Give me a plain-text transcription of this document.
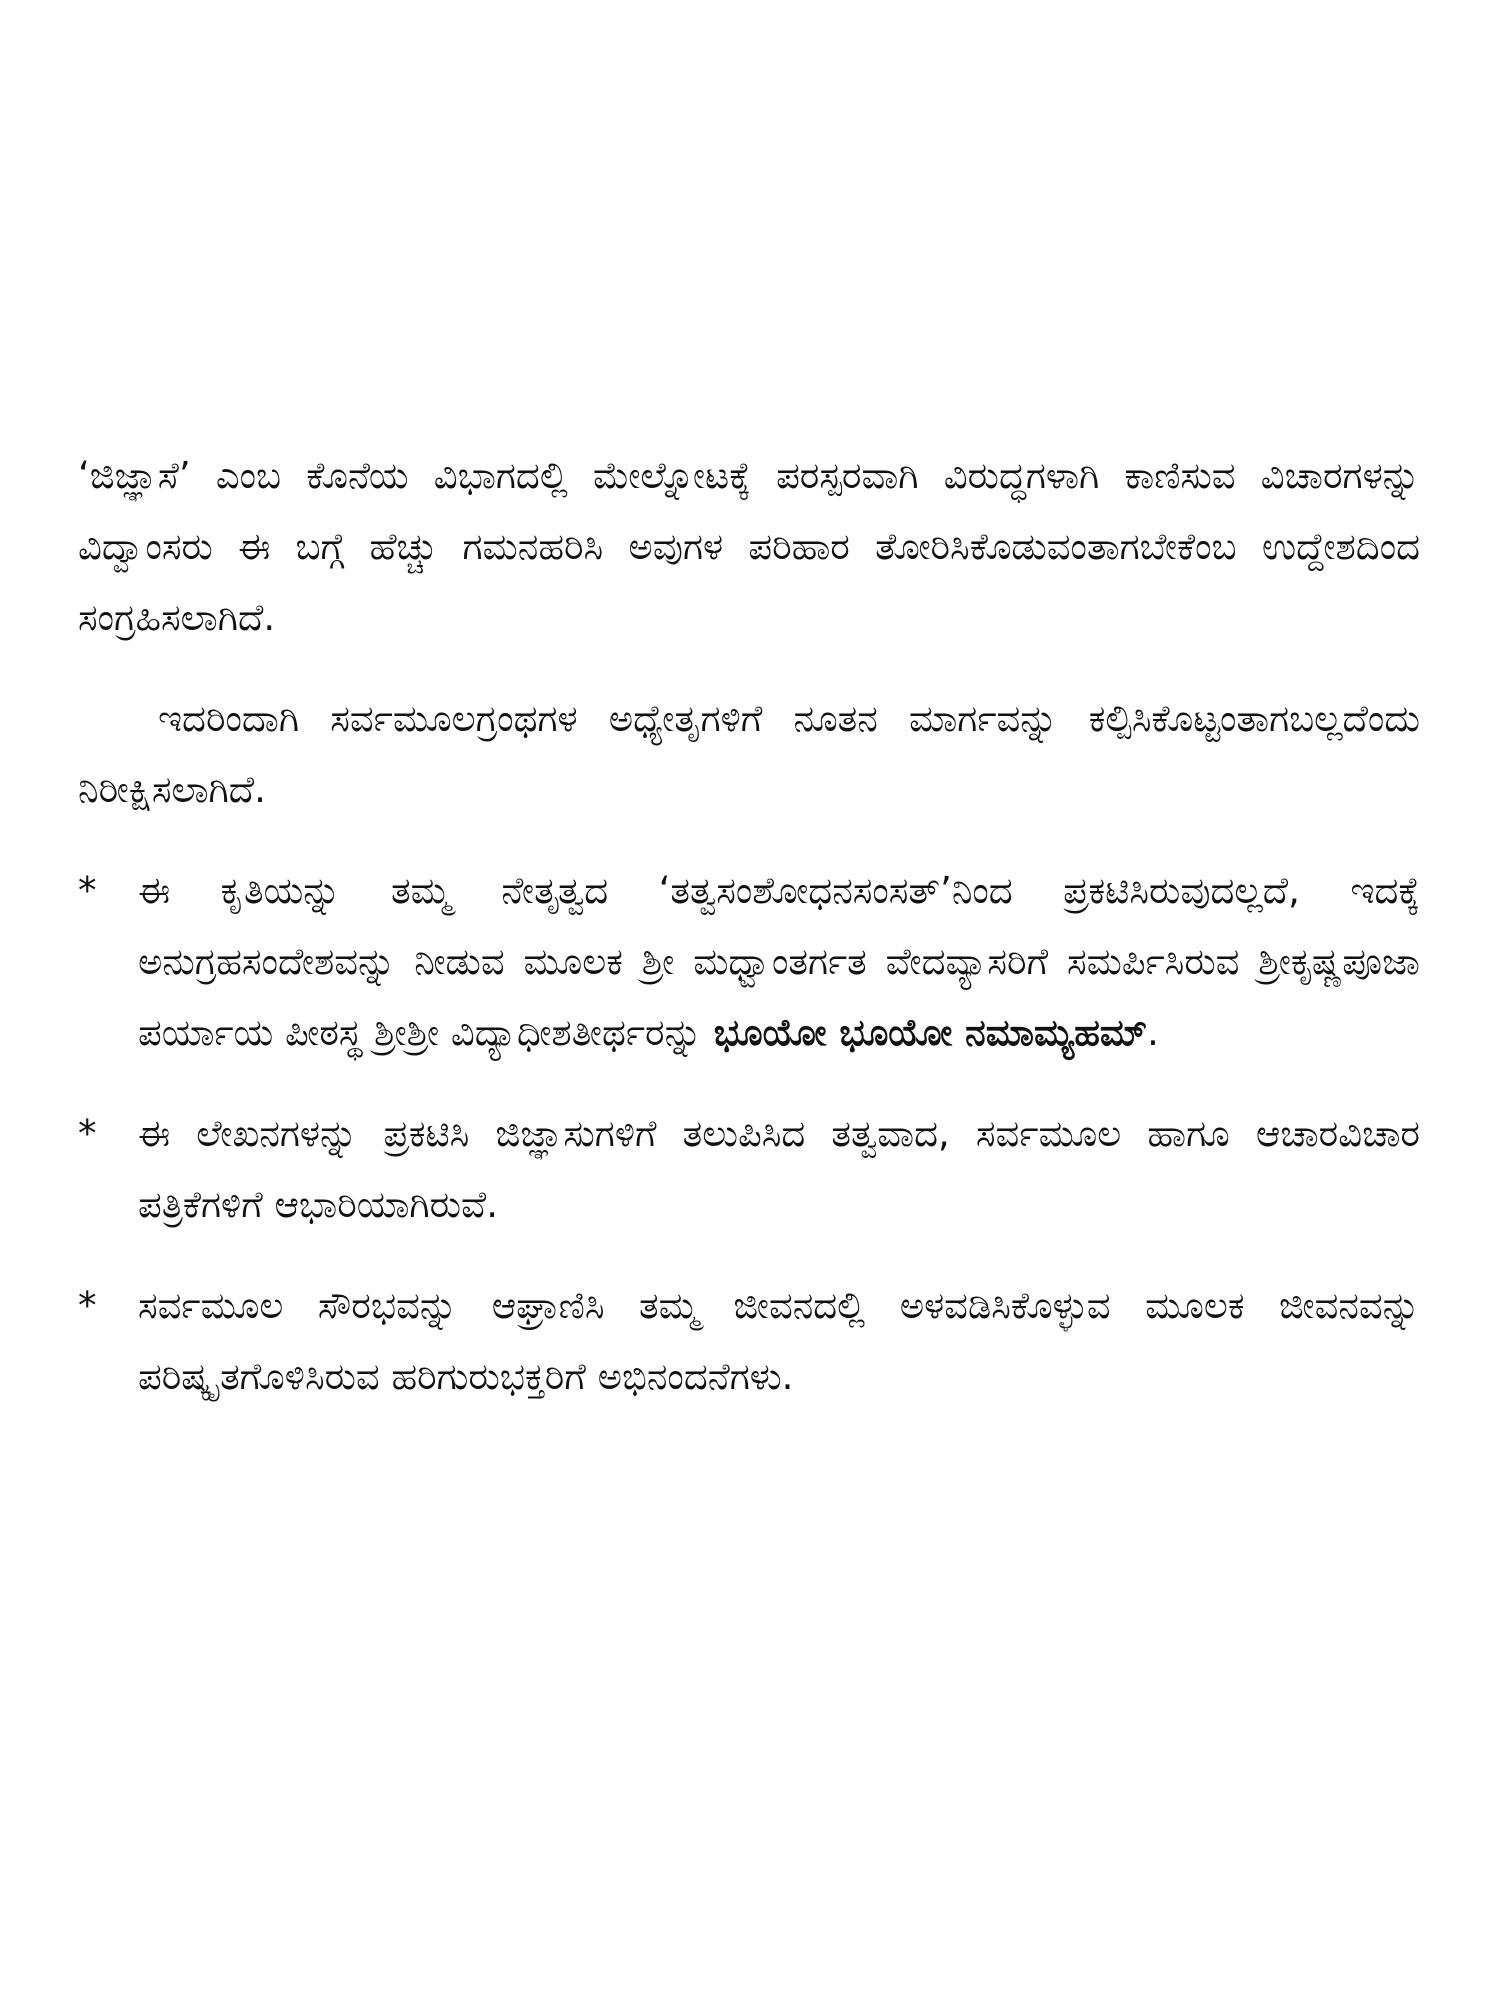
‘ಜಿಜ್ಞಾಸೆ’ ಎಂಬ ಕೊನೆಯ ವಿಭಾಗದಲ್ಲಿ ಮೇಲ್ನೋಟಕ್ಕೆ ಪರಸ್ಪರವಾಗಿ ವಿರುದ್ಧಗಳಾಗಿ ಕಾಣಿಸುವ ವಿಚಾರಗಳನ್ನು ವಿದ್ವಾಂಸರು ಈ ಬಗ್ಗೆ ಹೆಚ್ಚು ಗಮನಹರಿಸಿ ಅವುಗಳ ಪರಿಹಾರ ತೋರಿಸಿಕೊಡುವಂತಾಗಬೇಕೆಂಬ ಉದ್ದೇಶದಿಂದ ಸಂಗ್ರಹಿಸಲಾಗಿದೆ.

ಇದರಿಂದಾಗಿ ಸರ್ವಮೂಲಗ್ರಂಥಗಳ ಅಧ್ಯೇತೃಗಳಿಗೆ ನೂತನ ಮಾರ್ಗವನ್ನು ಕಲ್ಪಿಸಿಕೊಟ್ಟಂತಾಗಬಲ್ಲದೆಂದು ನಿರೀಕ್ಷಿಸಲಾಗಿದೆ.

*	ಈ ಕೃತಿಯನ್ನು ತಮ್ಮ ನೇತೃತ್ವದ ‘ತತ್ವಸಂಶೋಧನಸಂಸತ್’ನಿಂದ ಪ್ರಕಟಿಸಿರುವುದಲ್ಲದೆ, ಇದಕ್ಕೆ ಅನುಗ್ರಹಸಂದೇಶವನ್ನು ನೀಡುವ ಮೂಲಕ ಶ್ರೀ ಮಧ್ವಾಂತರ್ಗತ ವೇದವ್ಯಾಸರಿಗೆ ಸಮರ್ಪಿಸಿರುವ ಶ್ರೀಕೃಷ್ಣಪೂಜಾ ಪರ್ಯಾಯ ಪೀಠಸ್ಥ ಶ್ರೀಶ್ರೀ ವಿದ್ಯಾಧೀಶತೀರ್ಥರನ್ನು ಭೂಯೋ ಭೂಯೋ ನಮಾಮ್ಯಹಮ್.
*	ಈ ಲೇಖನಗಳನ್ನು ಪ್ರಕಟಿಸಿ ಜಿಜ್ಞಾಸುಗಳಿಗೆ ತಲುಪಿಸಿದ ತತ್ವವಾದ, ಸರ್ವಮೂಲ ಹಾಗೂ ಆಚಾರವಿಚಾರ ಪತ್ರಿಕೆಗಳಿಗೆ ಆಭಾರಿಯಾಗಿರುವೆ.
*	ಸರ್ವಮೂಲ ಸೌರಭವನ್ನು ಆಘ್ರಾಣಿಸಿ ತಮ್ಮ ಜೀವನದಲ್ಲಿ ಅಳವಡಿಸಿಕೊಳ್ಳುವ ಮೂಲಕ ಜೀವನವನ್ನು ಪರಿಷ್ಕೃತಗೊಳಿಸಿರುವ ಹರಿಗುರುಭಕ್ತರಿಗೆ ಅಭಿನಂದನೆಗಳು.
